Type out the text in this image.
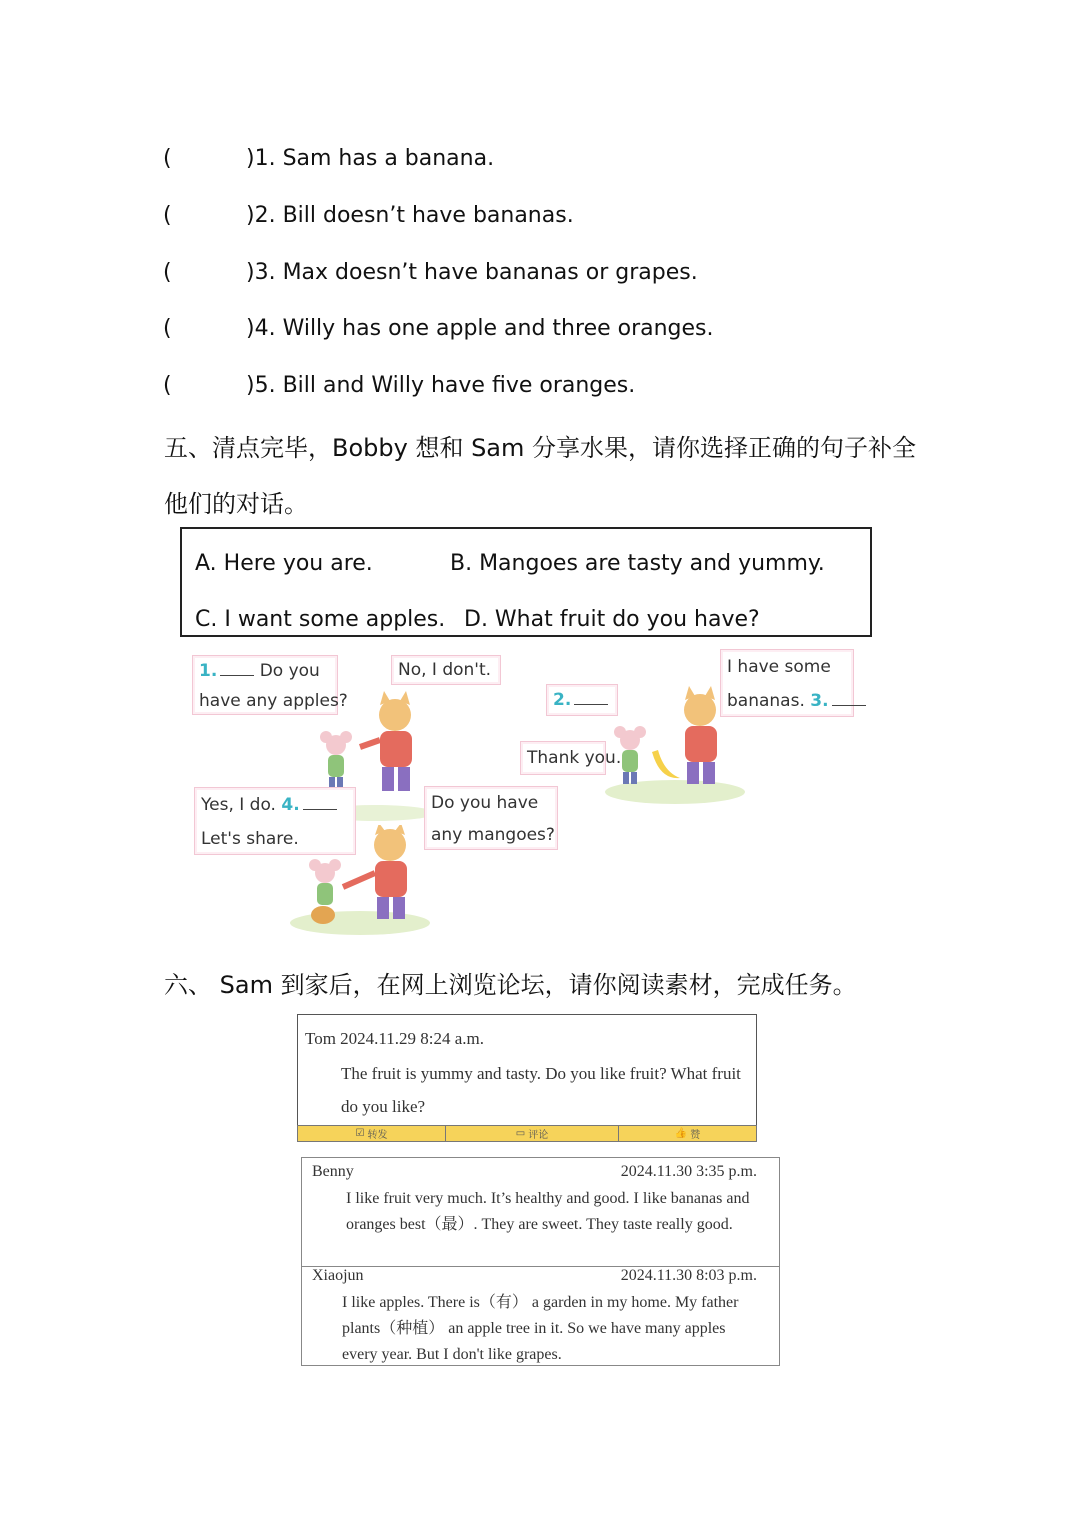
(	)1. Sam has a banana.
(	)2. Bill doesn’t have bananas.
(	)3. Max doesn’t have bananas or grapes.
(	)4. Willy has one apple and three oranges.
(	)5. Bill and Willy have five oranges.
五、清点完毕，Bobby 想和 Sam 分享水果，请你选择正确的句子补全
他们的对话。
A. Here you are.	B. Mangoes are tasty and yummy.
C. I want some apples. D. What fruit do you have?
1. Do you
have any apples?
No, I don't.
2.
Thank you.
I have some
bananas. 3.
Yes, I do. 4.
Let's share.
Do you have
any mangoes?
六、 Sam 到家后，在网上浏览论坛，请你阅读素材，完成任务。
Tom 2024.11.29 8:24 a.m.
The fruit is yummy and tasty. Do you like fruit? What fruit do you like?
☑ 转发	▭ 评论	👍 赞
Benny	2024.11.30 3:35 p.m.
I like fruit very much. It’s healthy and good. I like bananas and oranges best（最）. They are sweet. They taste really good.
Xiaojun	2024.11.30 8:03 p.m.
I like apples. There is（有） a garden in my home. My father plants（种植） an apple tree in it. So we have many apples every year. But I don't like grapes.
